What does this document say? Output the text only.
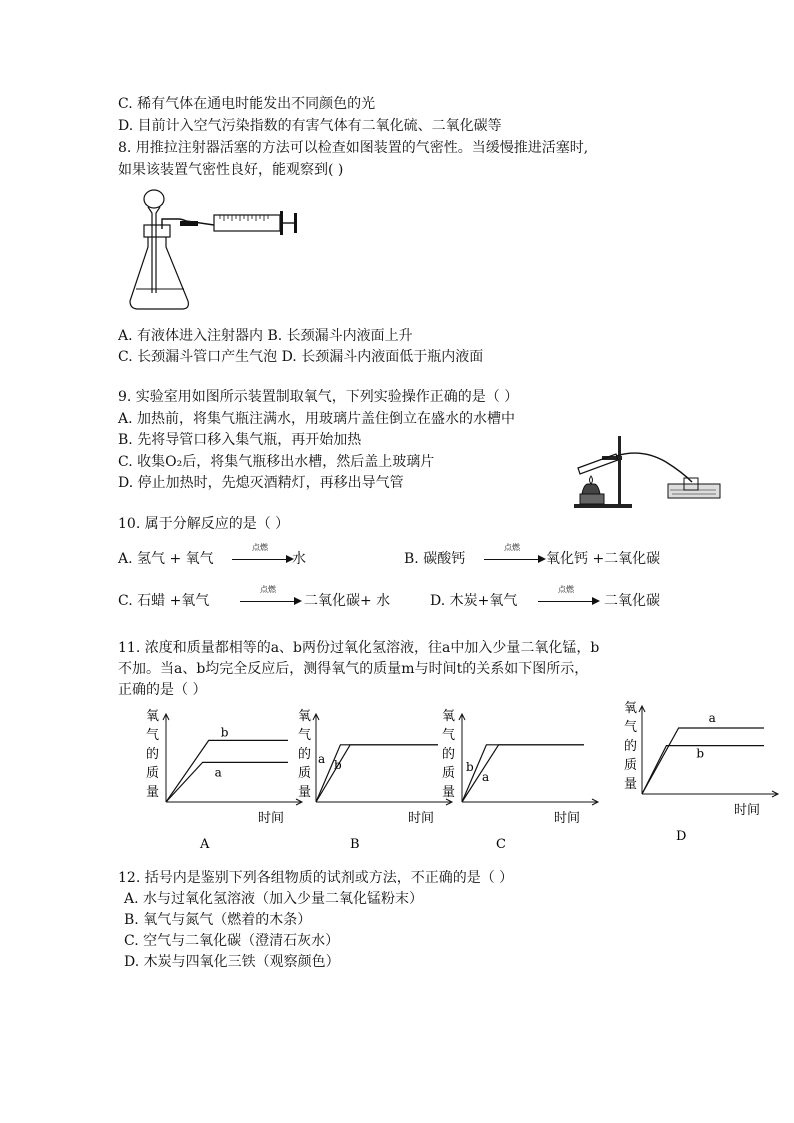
C. 稀有气体在通电时能发出不同颜色的光
D. 目前计入空气污染指数的有害气体有二氧化硫、二氧化碳等
8. 用推拉注射器活塞的方法可以检查如图装置的气密性。当缓慢推进活塞时,
如果该装置气密性良好，能观察到( )
A. 有液体进入注射器内 B. 长颈漏斗内液面上升
C. 长颈漏斗管口产生气泡 D. 长颈漏斗内液面低于瓶内液面
9. 实验室用如图所示装置制取氧气，下列实验操作正确的是（ ）
A. 加热前，将集气瓶注满水，用玻璃片盖住倒立在盛水的水槽中
B. 先将导管口移入集气瓶，再开始加热
C. 收集O₂后，将集气瓶移出水槽，然后盖上玻璃片
D. 停止加热时，先熄灭酒精灯，再移出导气管
10. 属于分解反应的是（ ）
A. 氢气 + 氧气
点燃
水	B. 碳酸钙
点燃
氧化钙 +二氧化碳
C. 石蜡 +氧气
点燃
二氧化碳+ 水	D. 木炭+氧气
点燃
二氧化碳
11. 浓度和质量都相等的a、b两份过氧化氢溶液，往a中加入少量二氧化锰，b
不加。当a、b均完全反应后，测得氧气的质量m与时间t的关系如下图所示，
正确的是（ ）
氧
气
的
质
量
时间
a
b
A
氧
气
的
质
量
时间
a b
B
氧
气
的
质
量
时间
a
b
C
氧
气
的
质
量
时间
a
b
D
12. 括号内是鉴别下列各组物质的试剂或方法，不正确的是（ ）
A. 水与过氧化氢溶液（加入少量二氧化锰粉末）
B. 氧气与氮气（燃着的木条）
C. 空气与二氧化碳（澄清石灰水）
D. 木炭与四氧化三铁（观察颜色）
